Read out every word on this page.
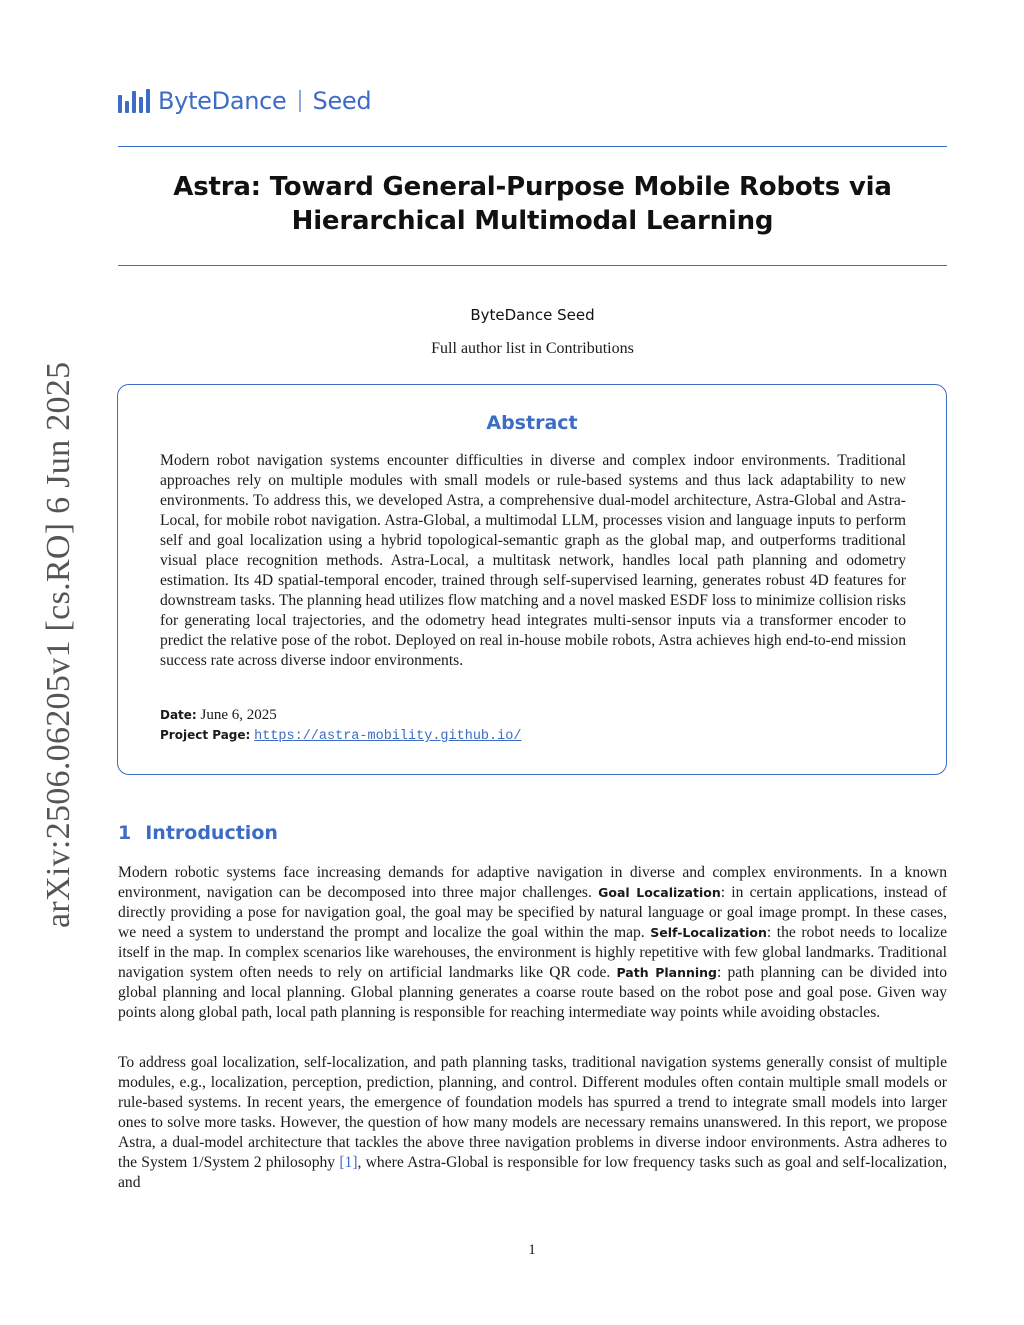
ByteDance Seed
Astra: Toward General-Purpose Mobile Robots via
Hierarchical Multimodal Learning
ByteDance Seed
Full author list in Contributions
Abstract
Modern robot navigation systems encounter difficulties in diverse and complex indoor environments. Traditional approaches rely on multiple modules with small models or rule-based systems and thus lack adaptability to new environments. To address this, we developed Astra, a comprehensive dual-model architecture, Astra-Global and Astra-Local, for mobile robot navigation. Astra-Global, a multimodal LLM, processes vision and language inputs to perform self and goal localization using a hybrid topological-semantic graph as the global map, and outperforms traditional visual place recognition methods. Astra-Local, a multitask network, handles local path planning and odometry estimation. Its 4D spatial-temporal encoder, trained through self-supervised learning, generates robust 4D features for downstream tasks. The planning head utilizes flow matching and a novel masked ESDF loss to minimize collision risks for generating local trajectories, and the odometry head integrates multi-sensor inputs via a transformer encoder to predict the relative pose of the robot. Deployed on real in-house mobile robots, Astra achieves high end-to-end mission success rate across diverse indoor environments.
Date: June 6, 2025
Project Page: https://astra-mobility.github.io/
1 Introduction
Modern robotic systems face increasing demands for adaptive navigation in diverse and complex environments. In a known environment, navigation can be decomposed into three major challenges. Goal Localization: in certain applications, instead of directly providing a pose for navigation goal, the goal may be specified by natural language or goal image prompt. In these cases, we need a system to understand the prompt and localize the goal within the map. Self-Localization: the robot needs to localize itself in the map. In complex scenarios like warehouses, the environment is highly repetitive with few global landmarks. Traditional navigation system often needs to rely on artificial landmarks like QR code. Path Planning: path planning can be divided into global planning and local planning. Global planning generates a coarse route based on the robot pose and goal pose. Given way points along global path, local path planning is responsible for reaching intermediate way points while avoiding obstacles.
To address goal localization, self-localization, and path planning tasks, traditional navigation systems generally consist of multiple modules, e.g., localization, perception, prediction, planning, and control. Different modules often contain multiple small models or rule-based systems. In recent years, the emergence of foundation models has spurred a trend to integrate small models into larger ones to solve more tasks. However, the question of how many models are necessary remains unanswered. In this report, we propose Astra, a dual-model architecture that tackles the above three navigation problems in diverse indoor environments. Astra adheres to the System 1/System 2 philosophy [1], where Astra-Global is responsible for low frequency tasks such as goal and self-localization, and
1
arXiv:2506.06205v1 [cs.RO] 6 Jun 2025
